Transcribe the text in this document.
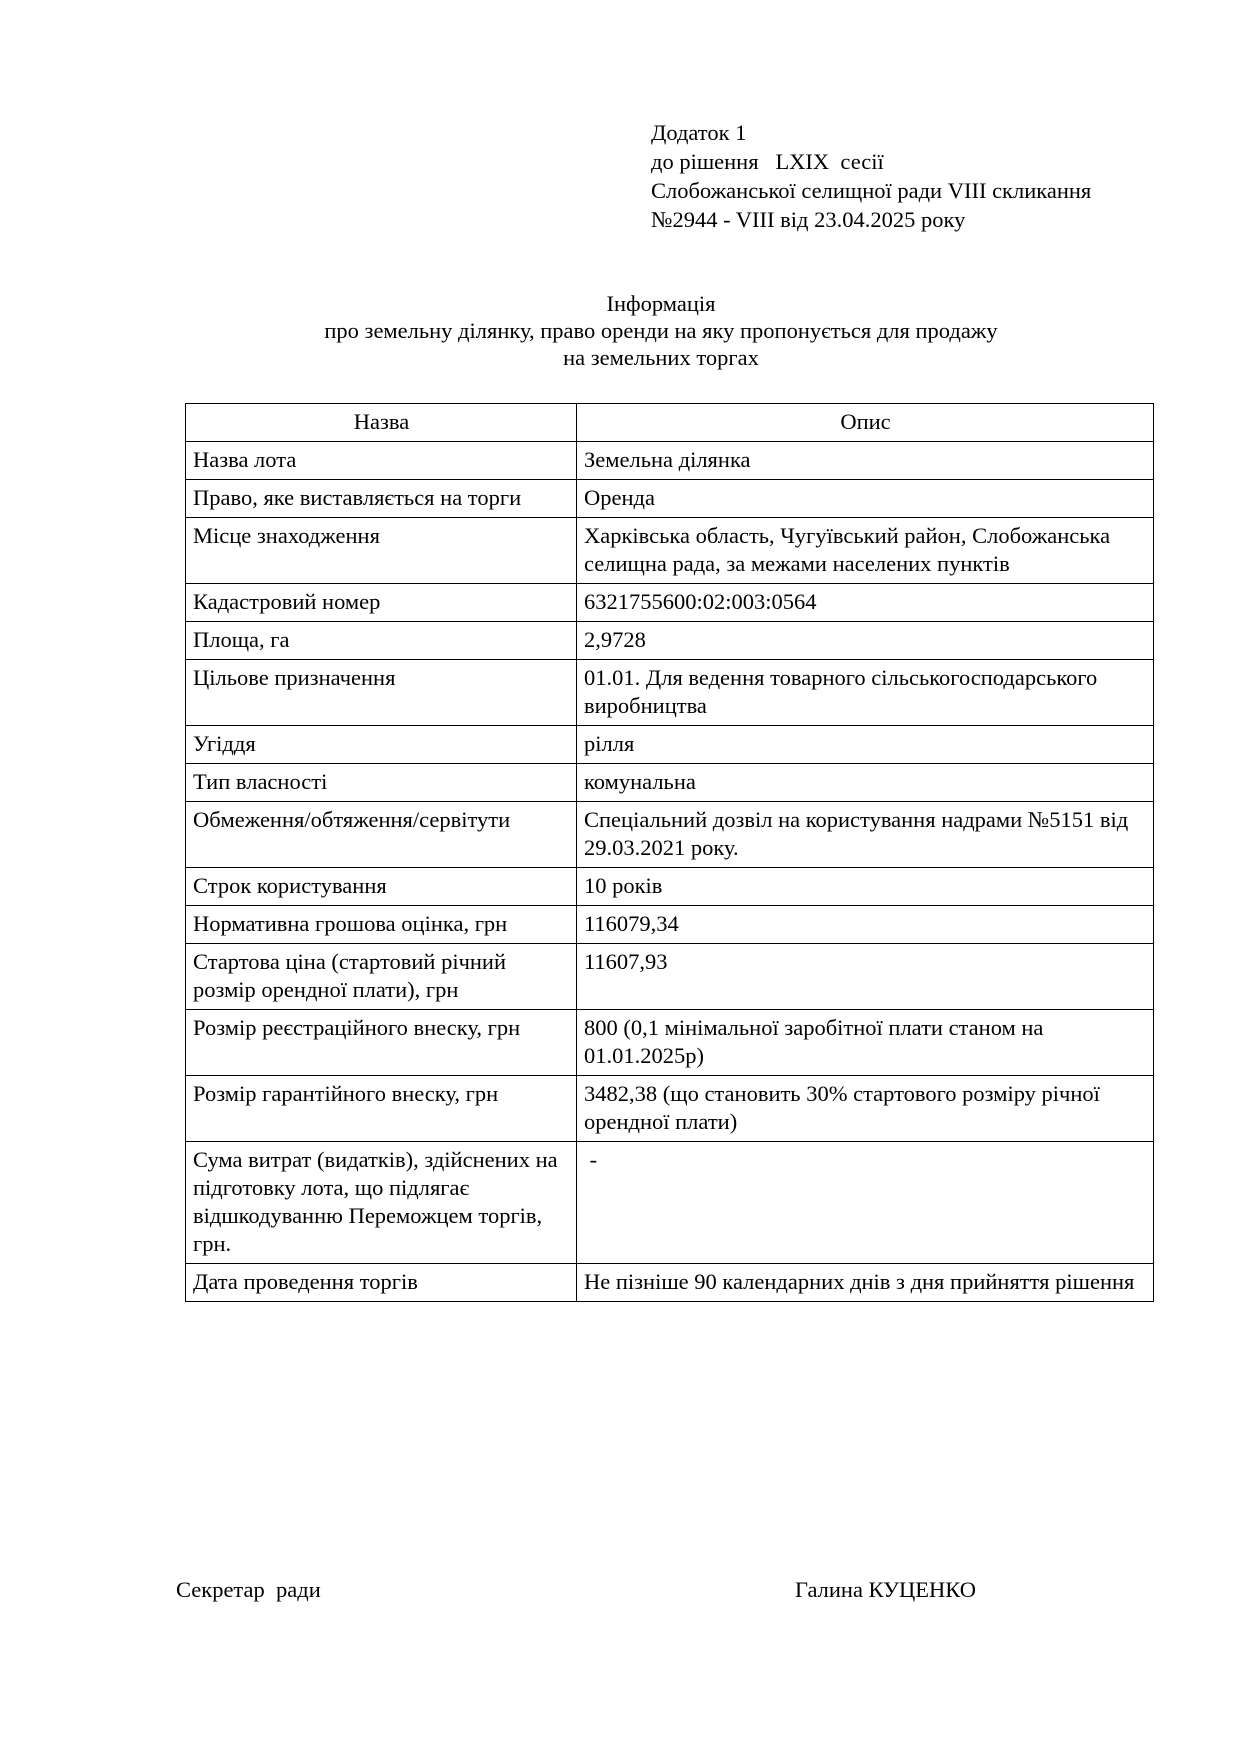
Додаток 1
до рішення   LXIX  сесії
Слобожанської селищної ради VIII скликання
№2944 - VIII від 23.04.2025 року
Інформація
про земельну ділянку, право оренди на яку пропонується для продажу
на земельних торгах
Назва	Опис
Назва лота	Земельна ділянка
Право, яке виставляється на торги	Оренда
Місце знаходження	Харківська область, Чугуївський район, Слобожанська селищна рада, за межами населених пунктів
Кадастровий номер	6321755600:02:003:0564
Площа, га	2,9728
Цільове призначення	01.01. Для ведення товарного сільськогосподарського виробництва
Угіддя	рілля
Тип власності	комунальна
Обмеження/обтяження/сервітути	Спеціальний дозвіл на користування надрами №5151 від 29.03.2021 року.
Строк користування	10 років
Нормативна грошова оцінка, грн	116079,34
Стартова ціна (стартовий річний розмір орендної плати), грн	11607,93
Розмір реєстраційного внеску, грн	800 (0,1 мінімальної заробітної плати станом на 01.01.2025р)
Розмір гарантійного внеску, грн	3482,38 (що становить 30% стартового розміру річної орендної плати)
Сума витрат (видатків), здійснених на підготовку лота, що підлягає відшкодуванню Переможцем торгів, грн.	-
Дата проведення торгів	Не пізніше 90 календарних днів з дня прийняття рішення
Секретар  ради	Галина КУЦЕНКО
